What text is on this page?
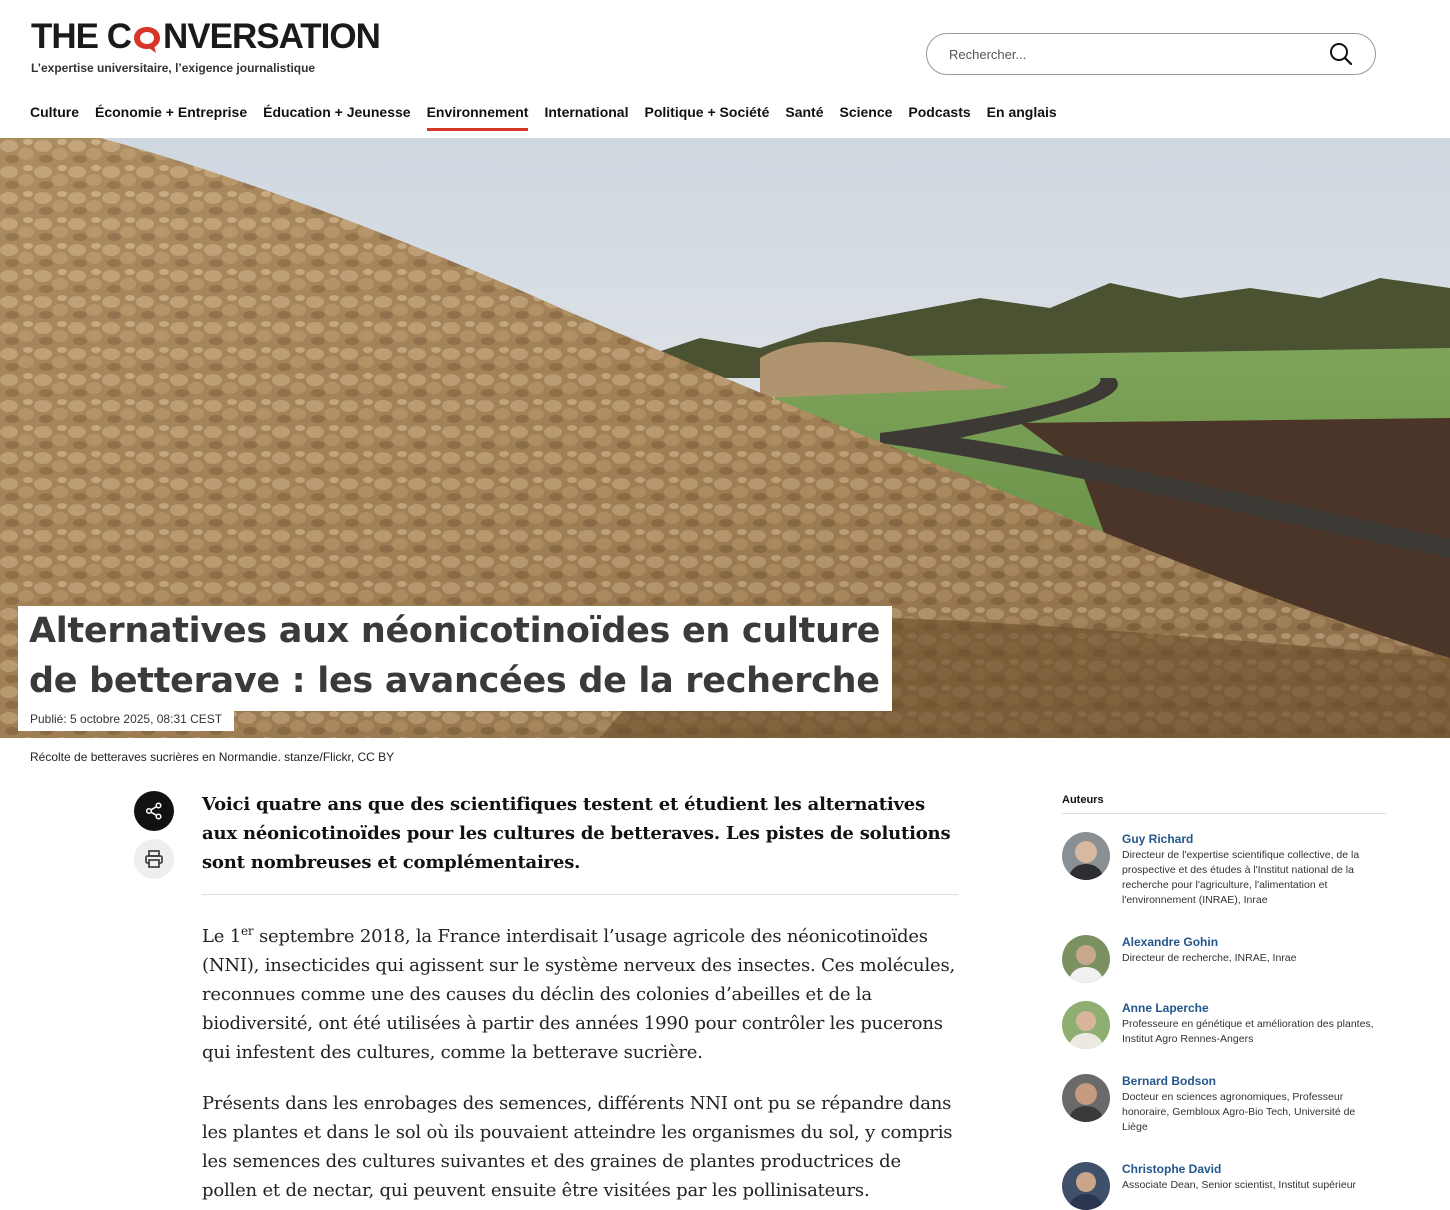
THE C NVERSATION
L’expertise universitaire, l’exigence journalistique
Rechercher...
Culture Économie + Entreprise Éducation + Jeunesse Environnement International Politique + Société Santé Science Podcasts En anglais
Alternatives aux néonicotinoïdes en culture
de betterave : les avancées de la recherche
Publié: 5 octobre 2025, 08:31 CEST
Récolte de betteraves sucrières en Normandie. stanze/Flickr, CC BY
Voici quatre ans que des scientifiques testent et étudient les alternatives aux néonicotinoïdes pour les cultures de betteraves. Les pistes de solutions sont nombreuses et complémentaires.

Le 1er septembre 2018, la France interdisait l’usage agricole des néonicotinoïdes (NNI), insecticides qui agissent sur le système nerveux des insectes. Ces molécules, reconnues comme une des causes du déclin des colonies d’abeilles et de la biodiversité, ont été utilisées à partir des années 1990 pour contrôler les pucerons qui infestent des cultures, comme la betterave sucrière.

Présents dans les enrobages des semences, différents NNI ont pu se répandre dans les plantes et dans le sol où ils pouvaient atteindre les organismes du sol, y compris les semences des cultures suivantes et des graines de plantes productrices de pollen et de nectar, qui peuvent ensuite être visitées par les pollinisateurs.

Auteurs
Guy Richard
Directeur de l'expertise scientifique collective, de la prospective et des études à l'Institut national de la recherche pour l'agriculture, l'alimentation et l'environnement (INRAE), Inrae
Alexandre Gohin
Directeur de recherche, INRAE, Inrae
Anne Laperche
Professeure en génétique et amélioration des plantes, Institut Agro Rennes-Angers
Bernard Bodson
Docteur en sciences agronomiques, Professeur honoraire, Gembloux Agro-Bio Tech, Université de Liège
Christophe David
Associate Dean, Senior scientist, Institut supérieur
